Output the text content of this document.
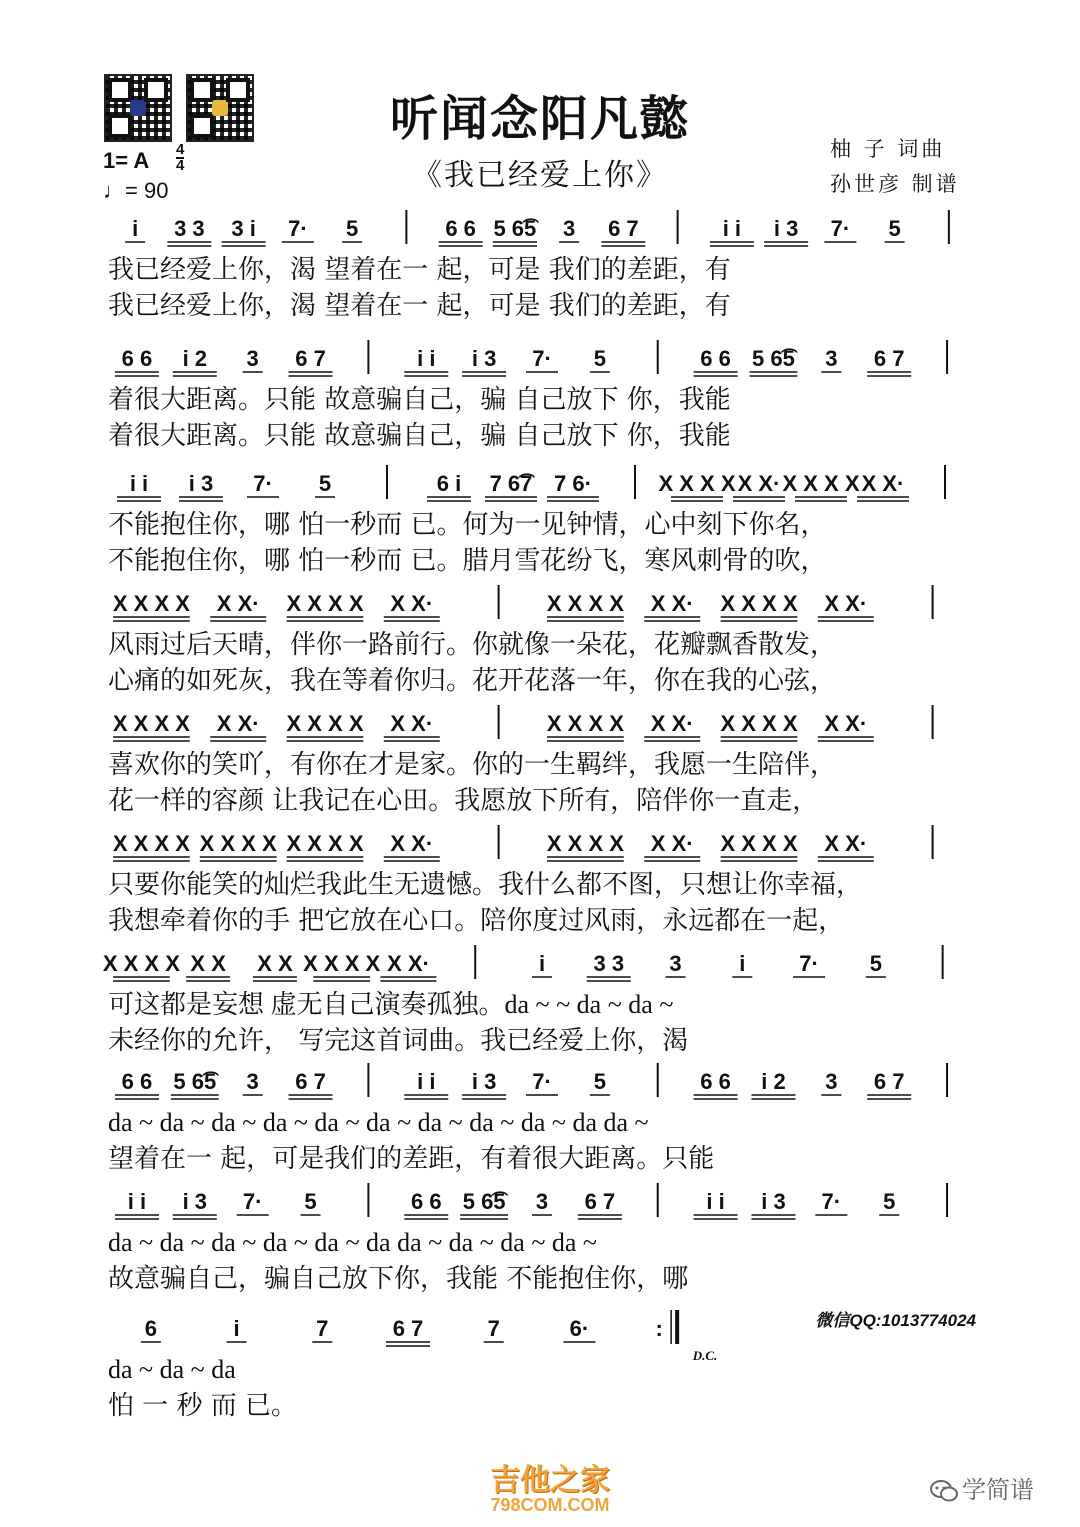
听闻念阳凡懿
《我已经爱上你》
柚 子 词曲
孙世彦 制谱
1= A 4
4
♩= 90
i 3 3 3 i 7· 5	6 6 5 6͡5 3 6 7	i i i 3 7· 5
我已经爱上你，渴 望着在一 起，可是 我们的差距，有
我已经爱上你，渴 望着在一 起，可是 我们的差距，有
6 6 i 2 3 6 7	i i i 3 7· 5	6 6 5 6͡5 3 6 7
着很大距离。只能 故意骗自己，骗 自己放下 你，我能
着很大距离。只能 故意骗自己，骗 自己放下 你，我能
i i i 3 7· 5	6 i 7 6͡7 7 6·	X X X X X X· X X X X X X·
不能抱住你，哪 怕一秒而 已。何为一见钟情，心中刻下你名，
不能抱住你，哪 怕一秒而 已。腊月雪花纷飞，寒风刺骨的吹，
X X X X X X· X X X X X X·	X X X X X X· X X X X X X·
风雨过后天晴，伴你一路前行。你就像一朵花，花瓣飘香散发，
心痛的如死灰，我在等着你归。花开花落一年，你在我的心弦，
X X X X X X· X X X X X X·	X X X X X X· X X X X X X·
喜欢你的笑吖，有你在才是家。你的一生羁绊，我愿一生陪伴，
花一样的容颜 让我记在心田。我愿放下所有，陪伴你一直走，
X X X X X X X X X X X X X X·	X X X X X X· X X X X X X·
只要你能笑的灿烂我此生无遗憾。我什么都不图，只想让你幸福，
我想牵着你的手 把它放在心口。陪你度过风雨，永远都在一起，
X X X X X X X X X X X X X X·	i 3 3 3	i 7· 5
可这都是妄想 虚无自己演奏孤独。da ~ ~ da ~ da ~
未经你的允许， 写完这首词曲。我已经爱上你，渴
6 6 5 6͡5 3 6 7	i i i 3 7· 5	6 6 i 2 3 6 7
da ~ da ~ da ~ da ~ da ~ da ~ da ~ da ~ da ~ da da ~
望着在一 起，可是我们的差距，有着很大距离。只能
i i i 3 7· 5	6 6 5 6͡5 3 6 7	i i i 3 7· 5
da ~ da ~ da ~ da ~ da ~ da da ~ da ~ da ~ da ~
故意骗自己，骗自己放下你，我能 不能抱住你，哪
6	i	7	6 7	7	6·	:
da ~ da ~ da
怕 一 秒 而 已。
微信QQ:1013774024
D.C.
吉他之家
798COM.COM
学简谱
